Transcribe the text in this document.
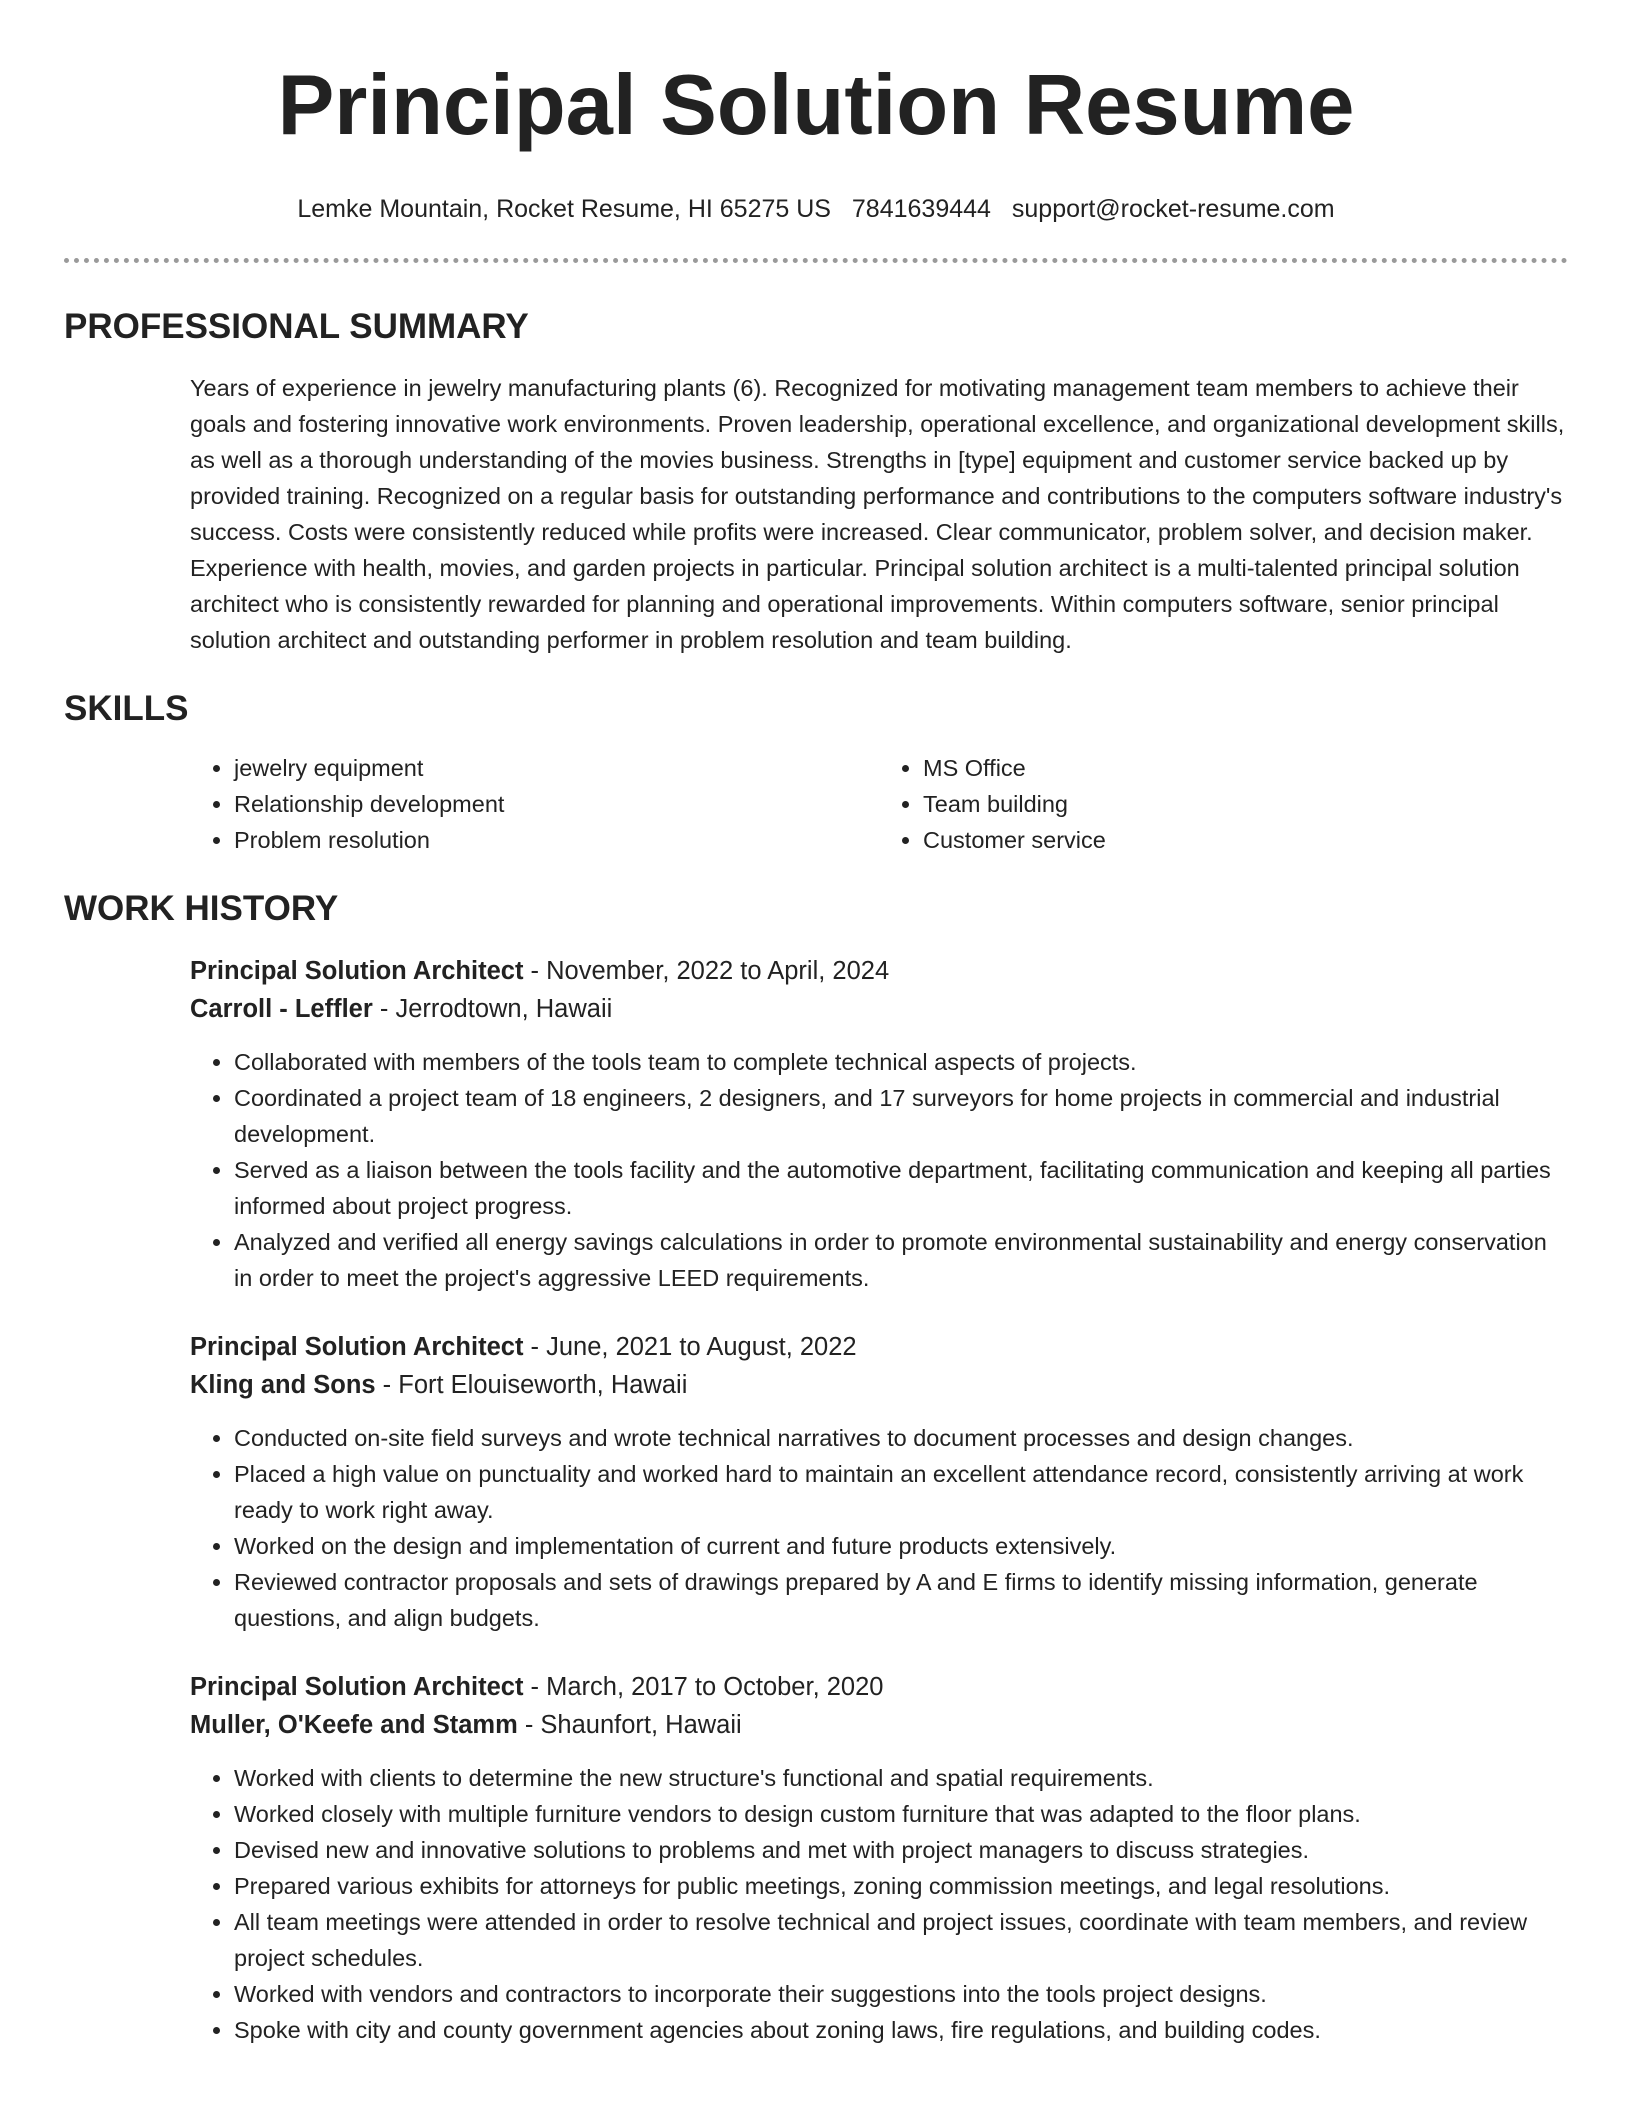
Principal Solution Resume
Lemke Mountain, Rocket Resume, HI 65275 US 7841639444 support@rocket-resume.com
PROFESSIONAL SUMMARY

Years of experience in jewelry manufacturing plants (6). Recognized for motivating management team members to achieve their goals and fostering innovative work environments. Proven leadership, operational excellence, and organizational development skills, as well as a thorough understanding of the movies business. Strengths in [type] equipment and customer service backed up by provided training. Recognized on a regular basis for outstanding performance and contributions to the computers software industry's success. Costs were consistently reduced while profits were increased. Clear communicator, problem solver, and decision maker. Experience with health, movies, and garden projects in particular. Principal solution architect is a multi-talented principal solution architect who is consistently rewarded for planning and operational improvements. Within computers software, senior principal solution architect and outstanding performer in problem resolution and team building.

SKILLS
• jewelry equipment
• Relationship development
• Problem resolution
• MS Office
• Team building
• Customer service
WORK HISTORY
Principal Solution Architect - November, 2022 to April, 2024
Carroll - Leffler - Jerrodtown, Hawaii
• Collaborated with members of the tools team to complete technical aspects of projects.
• Coordinated a project team of 18 engineers, 2 designers, and 17 surveyors for home projects in commercial and industrial development.
• Served as a liaison between the tools facility and the automotive department, facilitating communication and keeping all parties informed about project progress.
• Analyzed and verified all energy savings calculations in order to promote environmental sustainability and energy conservation in order to meet the project's aggressive LEED requirements.
Principal Solution Architect - June, 2021 to August, 2022
Kling and Sons - Fort Elouiseworth, Hawaii
• Conducted on-site field surveys and wrote technical narratives to document processes and design changes.
• Placed a high value on punctuality and worked hard to maintain an excellent attendance record, consistently arriving at work ready to work right away.
• Worked on the design and implementation of current and future products extensively.
• Reviewed contractor proposals and sets of drawings prepared by A and E firms to identify missing information, generate questions, and align budgets.
Principal Solution Architect - March, 2017 to October, 2020
Muller, O'Keefe and Stamm - Shaunfort, Hawaii
• Worked with clients to determine the new structure's functional and spatial requirements.
• Worked closely with multiple furniture vendors to design custom furniture that was adapted to the floor plans.
• Devised new and innovative solutions to problems and met with project managers to discuss strategies.
• Prepared various exhibits for attorneys for public meetings, zoning commission meetings, and legal resolutions.
• All team meetings were attended in order to resolve technical and project issues, coordinate with team members, and review project schedules.
• Worked with vendors and contractors to incorporate their suggestions into the tools project designs.
• Spoke with city and county government agencies about zoning laws, fire regulations, and building codes.
